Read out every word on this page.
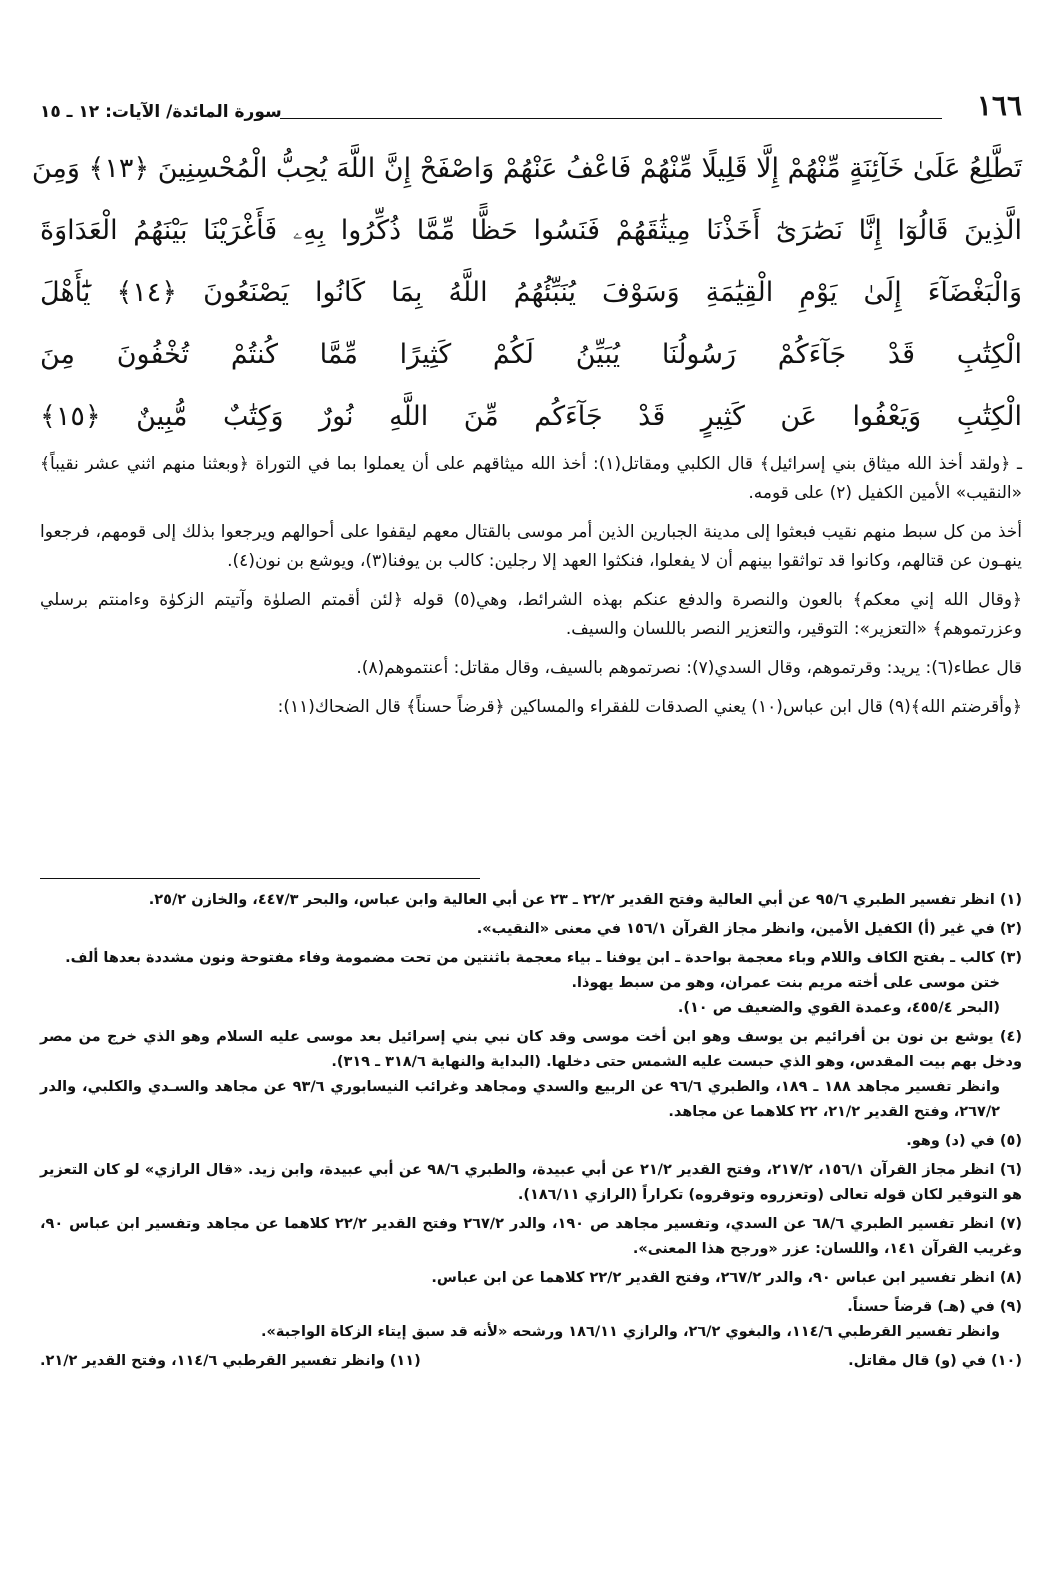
١٦٦
سورة المائدة/ الآيات: ١٢ ـ ١٥
تَطَّلِعُ عَلَىٰ خَآئِنَةٍ مِّنْهُمْ إِلَّا قَلِيلًا مِّنْهُمْ فَاعْفُ عَنْهُمْ وَاصْفَحْ إِنَّ اللَّهَ يُحِبُّ الْمُحْسِنِينَ ﴿١٣﴾ وَمِنَ
الَّذِينَ قَالُوٓا إِنَّا نَصَٰرَىٰٓ أَخَذْنَا مِيثَٰقَهُمْ فَنَسُوا حَظًّا مِّمَّا ذُكِّرُوا بِهِۦ فَأَغْرَيْنَا بَيْنَهُمُ الْعَدَاوَةَ
وَالْبَغْضَآءَ إِلَىٰ يَوْمِ الْقِيَٰمَةِ وَسَوْفَ يُنَبِّئُهُمُ اللَّهُ بِمَا كَانُوا يَصْنَعُونَ ﴿١٤﴾ يَٰٓأَهْلَ
الْكِتَٰبِ قَدْ جَآءَكُمْ رَسُولُنَا يُبَيِّنُ لَكُمْ كَثِيرًا مِّمَّا كُنتُمْ تُخْفُونَ مِنَ
الْكِتَٰبِ وَيَعْفُوا عَن كَثِيرٍ قَدْ جَآءَكُم مِّنَ اللَّهِ نُورٌ وَكِتَٰبٌ مُّبِينٌ ﴿١٥﴾

ـ ﴿ولقد أخذ الله ميثاق بني إسرائيل﴾ قال الكلبي ومقاتل(١): أخذ الله ميثاقهم على أن يعملوا بما في التوراة ﴿وبعثنا منهم اثني عشر نقيباً﴾ «النقيب» الأمين الكفيل (٢) على قومه.

أخذ من كل سبط منهم نقيب فبعثوا إلى مدينة الجبارين الذين أمر موسى بالقتال معهم ليقفوا على أحوالهم ويرجعوا بذلك إلى قومهم، فرجعوا ينهـون عن قتالهم، وكانوا قد تواثقوا بينهم أن لا يفعلوا، فنكثوا العهد إلا رجلين: كالب بن يوفنا(٣)، ويوشع بن نون(٤).

﴿وقال الله إني معكم﴾ بالعون والنصرة والدفع عنكم بهذه الشرائط، وهي(٥) قوله ﴿لئن أقمتم الصلوٰة وآتيتم الزكوٰة وءامنتم برسلي وعزرتموهم﴾ «التعزير»: التوقير، والتعزير النصر باللسان والسيف.

قال عطاء(٦): يريد: وقرتموهم، وقال السدي(٧): نصرتموهم بالسيف، وقال مقاتل: أعنتموهم(٨).

﴿وأقرضتم الله﴾(٩) قال ابن عباس(١٠) يعني الصدقات للفقراء والمساكين ﴿قرضاً حسناً﴾ قال الضحاك(١١):

(١) انظر تفسير الطبري ٩٥/٦ عن أبي العالية وفتح القدير ٢٢/٢ ـ ٢٣ عن أبي العالية وابن عباس، والبحر ٤٤٧/٣، والخازن ٢٥/٢.
(٢) في غير (أ) الكفيل الأمين، وانظر مجاز القرآن ١٥٦/١ في معنى «النقيب».
(٣) كالب ـ بفتح الكاف واللام وباء معجمة بواحدة ـ ابن يوفنا ـ بياء معجمة باثنتين من تحت مضمومة وفاء مفتوحة ونون مشددة بعدها ألف.
ختن موسى على أخته مريم بنت عمران، وهو من سبط يهوذا.
(البحر ٤٥٥/٤، وعمدة القوي والضعيف ص ١٠).
(٤) يوشع بن نون بن أفرائيم بن يوسف وهو ابن أخت موسى وقد كان نبي بني إسرائيل بعد موسى عليه السلام وهو الذي خرج من مصر ودخل بهم بيت المقدس، وهو الذي حبست عليه الشمس حتى دخلها. (البداية والنهاية ٣١٨/٦ ـ ٣١٩).
وانظر تفسير مجاهد ١٨٨ ـ ١٨٩، والطبري ٩٦/٦ عن الربيع والسدي ومجاهد وغرائب النيسابوري ٩٣/٦ عن مجاهد والسـدي والكلبي، والدر ٢٦٧/٢، وفتح القدير ٢١/٢، ٢٢ كلاهما عن مجاهد.
(٥) في (د) وهو.
(٦) انظر مجاز القرآن ١٥٦/١، ٢١٧/٢، وفتح القدير ٢١/٢ عن أبي عبيدة، والطبري ٩٨/٦ عن أبي عبيدة، وابن زيد. «قال الرازي» لو كان التعزير هو التوقير لكان قوله تعالى (وتعزروه وتوقروه) تكراراً (الرازي ١٨٦/١١).
(٧) انظر تفسير الطبري ٦٨/٦ عن السدي، وتفسير مجاهد ص ١٩٠، والدر ٢٦٧/٢ وفتح القدير ٢٢/٢ كلاهما عن مجاهد وتفسير ابن عباس ٩٠، وغريب القرآن ١٤١، واللسان: عزر «ورجح هذا المعنى».
(٨) انظر تفسير ابن عباس ٩٠، والدر ٢٦٧/٢، وفتح القدير ٢٢/٢ كلاهما عن ابن عباس.
(٩) في (هـ) قرضاً حسناً.
وانظر تفسير القرطبي ١١٤/٦، والبغوي ٢٦/٢، والرازي ١٨٦/١١ ورشحه «لأنه قد سبق إيتاء الزكاة الواجبة».
(١٠) في (و) قال مقاتل.
(١١) وانظر تفسير القرطبي ١١٤/٦، وفتح القدير ٢١/٢.
